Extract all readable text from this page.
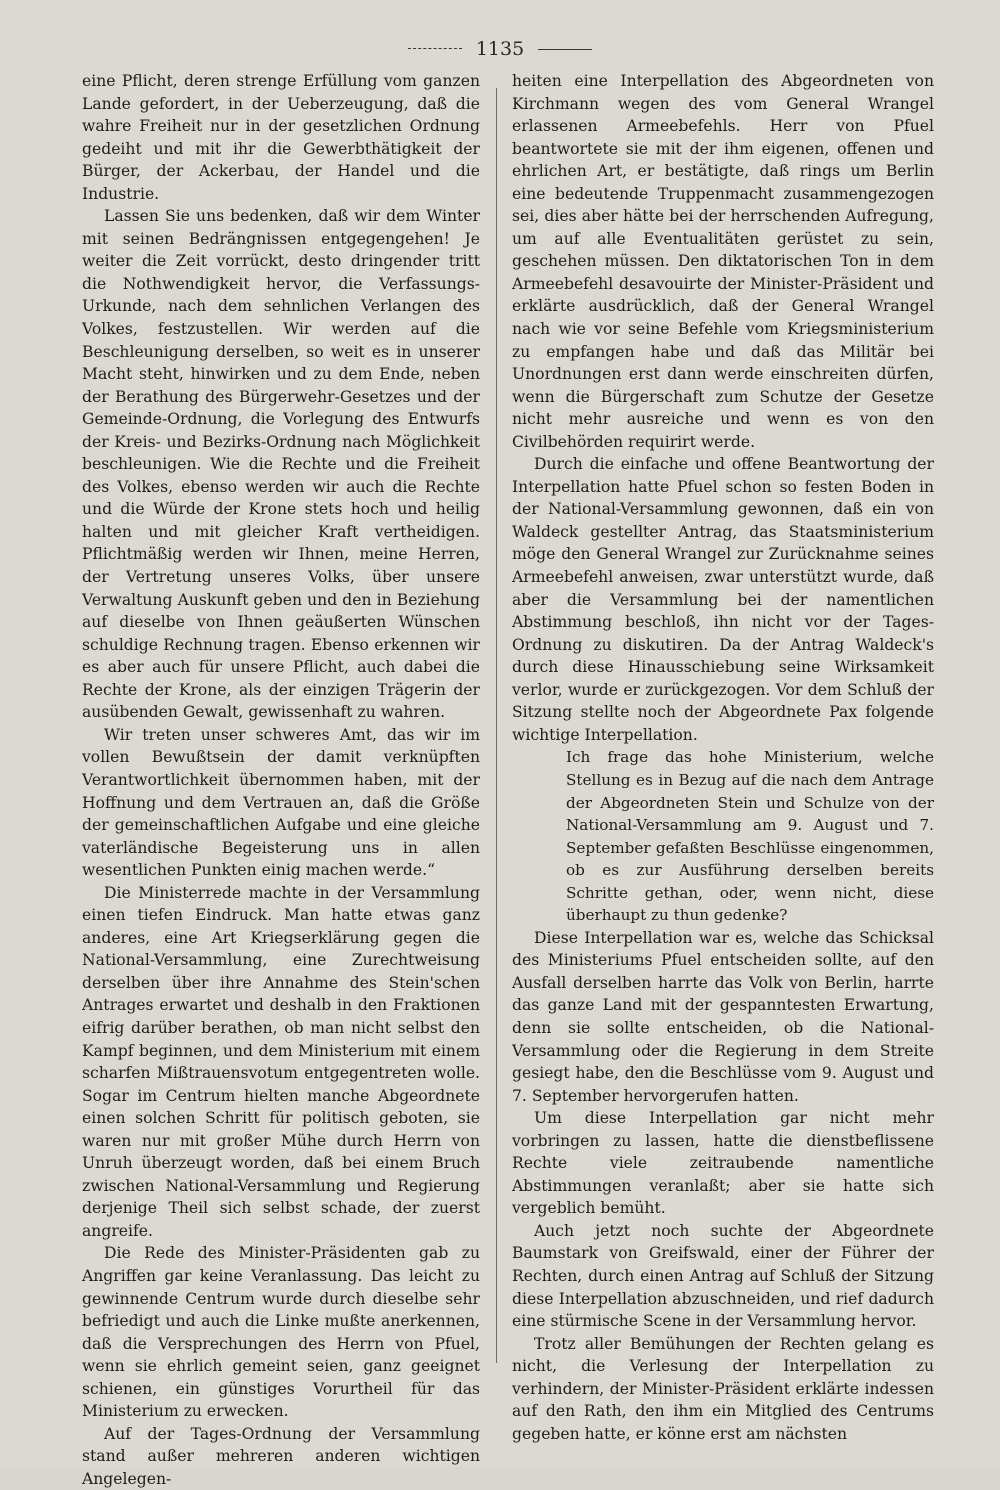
1135

eine Pflicht, deren strenge Erfüllung vom ganzen Lande gefordert, in der Ueberzeugung, daß die wahre Freiheit nur in der gesetzlichen Ordnung gedeiht und mit ihr die Gewerbthätigkeit der Bürger, der Ackerbau, der Handel und die Industrie.

Lassen Sie uns bedenken, daß wir dem Winter mit seinen Bedrängnissen entgegengehen! Je weiter die Zeit vorrückt, desto dringender tritt die Nothwendigkeit hervor, die Verfassungs-Urkunde, nach dem sehnlichen Verlangen des Volkes, festzustellen. Wir werden auf die Beschleunigung derselben, so weit es in unserer Macht steht, hinwirken und zu dem Ende, neben der Berathung des Bürgerwehr-Gesetzes und der Gemeinde-Ordnung, die Vorlegung des Entwurfs der Kreis- und Bezirks-Ordnung nach Möglichkeit beschleunigen. Wie die Rechte und die Freiheit des Volkes, ebenso werden wir auch die Rechte und die Würde der Krone stets hoch und heilig halten und mit gleicher Kraft vertheidigen. Pflichtmäßig werden wir Ihnen, meine Herren, der Vertretung unseres Volks, über unsere Verwaltung Auskunft geben und den in Beziehung auf dieselbe von Ihnen geäußerten Wünschen schuldige Rechnung tragen. Ebenso erkennen wir es aber auch für unsere Pflicht, auch dabei die Rechte der Krone, als der einzigen Trägerin der ausübenden Gewalt, gewissenhaft zu wahren.

Wir treten unser schweres Amt, das wir im vollen Bewußtsein der damit verknüpften Verantwortlichkeit übernommen haben, mit der Hoffnung und dem Vertrauen an, daß die Größe der gemeinschaftlichen Aufgabe und eine gleiche vaterländische Begeisterung uns in allen wesentlichen Punkten einig machen werde.“

Die Ministerrede machte in der Versammlung einen tiefen Eindruck. Man hatte etwas ganz anderes, eine Art Kriegserklärung gegen die National-Versammlung, eine Zurechtweisung derselben über ihre Annahme des Stein'schen Antrages erwartet und deshalb in den Fraktionen eifrig darüber berathen, ob man nicht selbst den Kampf beginnen, und dem Ministerium mit einem scharfen Mißtrauensvotum entgegentreten wolle. Sogar im Centrum hielten manche Abgeordnete einen solchen Schritt für politisch geboten, sie waren nur mit großer Mühe durch Herrn von Unruh überzeugt worden, daß bei einem Bruch zwischen National-Versammlung und Regierung derjenige Theil sich selbst schade, der zuerst angreife.

Die Rede des Minister-Präsidenten gab zu Angriffen gar keine Veranlassung. Das leicht zu gewinnende Centrum wurde durch dieselbe sehr befriedigt und auch die Linke mußte anerkennen, daß die Versprechungen des Herrn von Pfuel, wenn sie ehrlich gemeint seien, ganz geeignet schienen, ein günstiges Vorurtheil für das Ministerium zu erwecken.

Auf der Tages-Ordnung der Versammlung stand außer mehreren anderen wichtigen Angelegen-

heiten eine Interpellation des Abgeordneten von Kirchmann wegen des vom General Wrangel erlassenen Armeebefehls. Herr von Pfuel beantwortete sie mit der ihm eigenen, offenen und ehrlichen Art, er bestätigte, daß rings um Berlin eine bedeutende Truppenmacht zusammengezogen sei, dies aber hätte bei der herrschenden Aufregung, um auf alle Eventualitäten gerüstet zu sein, geschehen müssen. Den diktatorischen Ton in dem Armeebefehl desavouirte der Minister-Präsident und erklärte ausdrücklich, daß der General Wrangel nach wie vor seine Befehle vom Kriegsministerium zu empfangen habe und daß das Militär bei Unordnungen erst dann werde einschreiten dürfen, wenn die Bürgerschaft zum Schutze der Gesetze nicht mehr ausreiche und wenn es von den Civilbehörden requirirt werde.

Durch die einfache und offene Beantwortung der Interpellation hatte Pfuel schon so festen Boden in der National-Versammlung gewonnen, daß ein von Waldeck gestellter Antrag, das Staatsministerium möge den General Wrangel zur Zurücknahme seines Armeebefehl anweisen, zwar unterstützt wurde, daß aber die Versammlung bei der namentlichen Abstimmung beschloß, ihn nicht vor der Tages-Ordnung zu diskutiren. Da der Antrag Waldeck's durch diese Hinausschiebung seine Wirksamkeit verlor, wurde er zurückgezogen. Vor dem Schluß der Sitzung stellte noch der Abgeordnete Pax folgende wichtige Interpellation.

Ich frage das hohe Ministerium, welche Stellung es in Bezug auf die nach dem Antrage der Abgeordneten Stein und Schulze von der National-Versammlung am 9. August und 7. September gefaßten Beschlüsse eingenommen, ob es zur Ausführung derselben bereits Schritte gethan, oder, wenn nicht, diese überhaupt zu thun gedenke?

Diese Interpellation war es, welche das Schicksal des Ministeriums Pfuel entscheiden sollte, auf den Ausfall derselben harrte das Volk von Berlin, harrte das ganze Land mit der gespanntesten Erwartung, denn sie sollte entscheiden, ob die National-Versammlung oder die Regierung in dem Streite gesiegt habe, den die Beschlüsse vom 9. August und 7. September hervorgerufen hatten.

Um diese Interpellation gar nicht mehr vorbringen zu lassen, hatte die dienstbeflissene Rechte viele zeitraubende namentliche Abstimmungen veranlaßt; aber sie hatte sich vergeblich bemüht.

Auch jetzt noch suchte der Abgeordnete Baumstark von Greifswald, einer der Führer der Rechten, durch einen Antrag auf Schluß der Sitzung diese Interpellation abzuschneiden, und rief dadurch eine stürmische Scene in der Versammlung hervor.

Trotz aller Bemühungen der Rechten gelang es nicht, die Verlesung der Interpellation zu verhindern, der Minister-Präsident erklärte indessen auf den Rath, den ihm ein Mitglied des Centrums gegeben hatte, er könne erst am nächsten
